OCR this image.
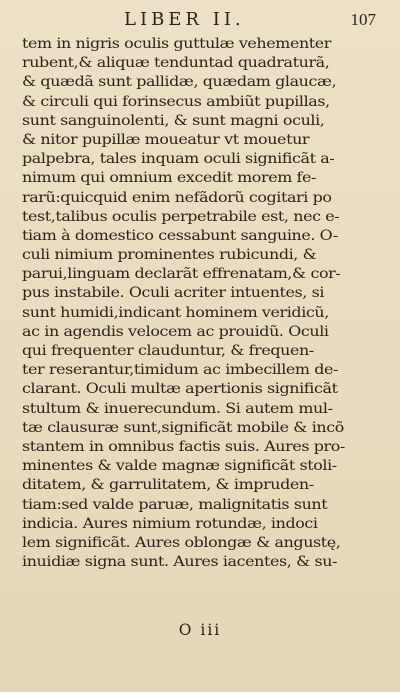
LIBER II.	107
tem in nigris oculis guttulæ vehementer
rubent,& aliquæ tenduntad quadraturã,
& quædã sunt pallidæ, quædam glaucæ,
& circuli qui forinsecus ambiũt pupillas,
sunt sanguinolenti, & sunt magni oculi,
& nitor pupillæ moueatur vt mouetur
palpebra, tales inquam oculi significãt a-
nimum qui omnium excedit morem fe-
rarũ:quicquid enim nefãdorũ cogitari po
test,talibus oculis perpetrabile est, nec e-
tiam à domestico cessabunt sanguine. O-
culi nimium prominentes rubicundi, &
parui,linguam declarãt effrenatam,& cor-
pus instabile. Oculi acriter intuentes, si
sunt humidi,indicant hominem veridicũ,
ac in agendis velocem ac prouidũ. Oculi
qui frequenter clauduntur, & frequen-
ter reserantur,timidum ac imbecillem de-
clarant. Oculi multæ apertionis significãt
stultum & inuerecundum. Si autem mul-
tæ clausuræ sunt,significãt mobile & incõ
stantem in omnibus factis suis. Aures pro-
minentes & valde magnæ significãt stoli-
ditatem, & garrulitatem, & impruden-
tiam:sed valde paruæ, malignitatis sunt
indicia. Aures nimium rotundæ, indoci
lem significãt. Aures oblongæ & angustę,
inuidiæ signa sunt. Aures iacentes, & su-
O iii
